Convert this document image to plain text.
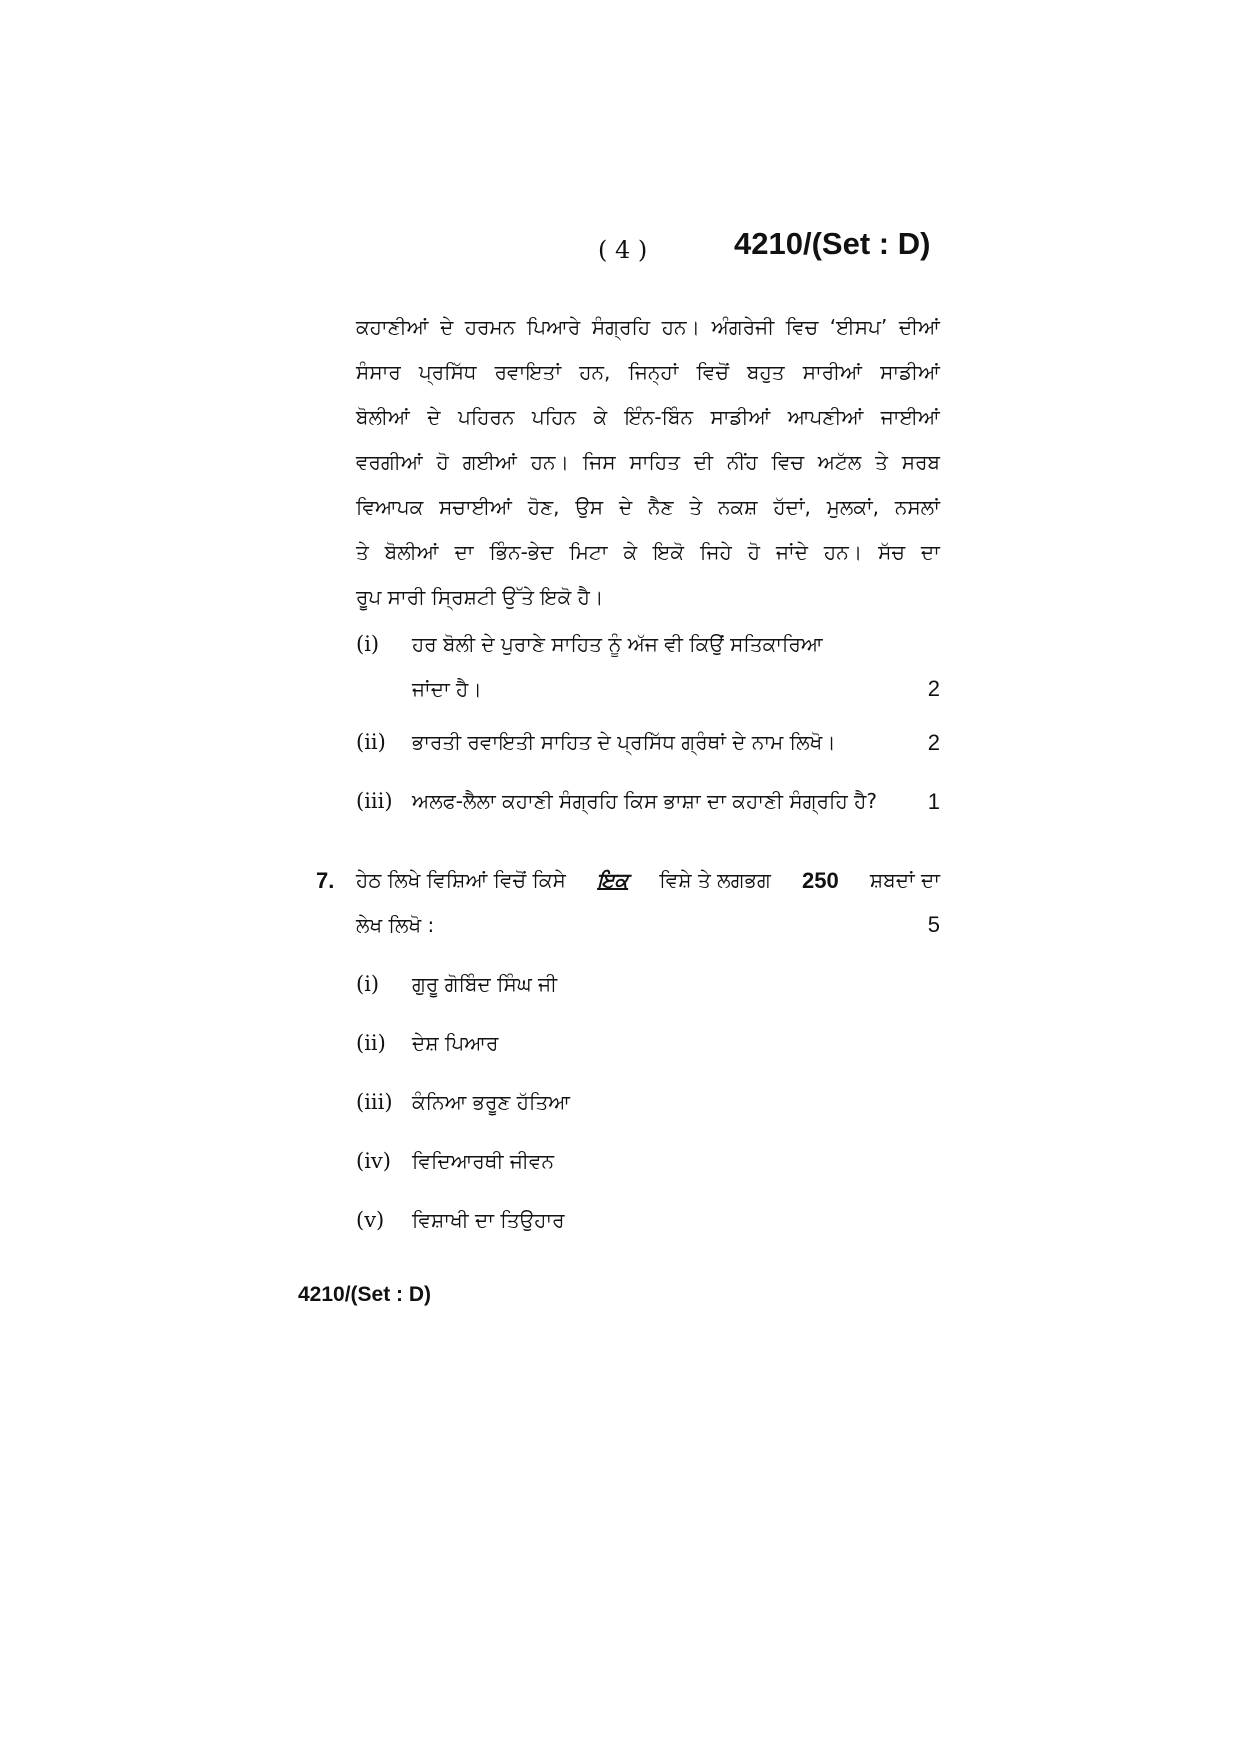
( 4 )	4210/(Set : D)
ਕਹਾਣੀਆਂ ਦੇ ਹਰਮਨ ਪਿਆਰੇ ਸੰਗ੍ਰਹਿ ਹਨ। ਅੰਗਰੇਜੀ ਵਿਚ ‘ਈਸਪ’ ਦੀਆਂ
ਸੰਸਾਰ ਪ੍ਰਸਿੱਧ ਰਵਾਇਤਾਂ ਹਨ, ਜਿਨ੍ਹਾਂ ਵਿਚੋਂ ਬਹੁਤ ਸਾਰੀਆਂ ਸਾਡੀਆਂ
ਬੋਲੀਆਂ ਦੇ ਪਹਿਰਨ ਪਹਿਨ ਕੇ ਇੰਨ-ਬਿੰਨ ਸਾਡੀਆਂ ਆਪਣੀਆਂ ਜਾਈਆਂ
ਵਰਗੀਆਂ ਹੋ ਗਈਆਂ ਹਨ। ਜਿਸ ਸਾਹਿਤ ਦੀ ਨੀਂਹ ਵਿਚ ਅਟੱਲ ਤੇ ਸਰਬ
ਵਿਆਪਕ ਸਚਾਈਆਂ ਹੋਣ, ਉਸ ਦੇ ਨੈਣ ਤੇ ਨਕਸ਼ ਹੱਦਾਂ, ਮੁਲਕਾਂ, ਨਸਲਾਂ
ਤੇ ਬੋਲੀਆਂ ਦਾ ਭਿੰਨ-ਭੇਦ ਮਿਟਾ ਕੇ ਇਕੋ ਜਿਹੇ ਹੋ ਜਾਂਦੇ ਹਨ। ਸੱਚ ਦਾ
ਰੂਪ ਸਾਰੀ ਸ੍ਰਿਸ਼ਟੀ ਉੱਤੇ ਇਕੋ ਹੈ।
(i) ਹਰ ਬੋਲੀ ਦੇ ਪੁਰਾਣੇ ਸਾਹਿਤ ਨੂੰ ਅੱਜ ਵੀ ਕਿਉਂ ਸਤਿਕਾਰਿਆ
ਜਾਂਦਾ ਹੈ।	2
(ii) ਭਾਰਤੀ ਰਵਾਇਤੀ ਸਾਹਿਤ ਦੇ ਪ੍ਰਸਿੱਧ ਗ੍ਰੰਥਾਂ ਦੇ ਨਾਮ ਲਿਖੋ।	2
(iii) ਅਲਫ-ਲੈਲਾ ਕਹਾਣੀ ਸੰਗ੍ਰਹਿ ਕਿਸ ਭਾਸ਼ਾ ਦਾ ਕਹਾਣੀ ਸੰਗ੍ਰਹਿ ਹੈ? 1
7. ਹੇਠ ਲਿਖੇ ਵਿਸ਼ਿਆਂ ਵਿਚੋਂ ਕਿਸੇ ਇਕ ਵਿਸ਼ੇ ਤੇ ਲਗਭਗ 250 ਸ਼ਬਦਾਂ ਦਾ
ਲੇਖ ਲਿਖੋ :	5
(i) ਗੁਰੂ ਗੋਬਿੰਦ ਸਿੰਘ ਜੀ
(ii) ਦੇਸ਼ ਪਿਆਰ
(iii) ਕੰਨਿਆ ਭਰੂਣ ਹੱਤਿਆ
(iv) ਵਿਦਿਆਰਥੀ ਜੀਵਨ
(v) ਵਿਸ਼ਾਖੀ ਦਾ ਤਿਉਹਾਰ
4210/(Set : D)
